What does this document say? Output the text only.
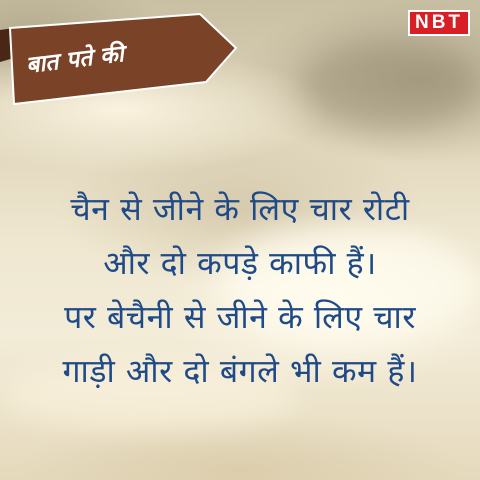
बात पते की
NBT
चैन से जीने के लिए चार रोटी
और दो कपड़े काफी हैं।
पर बेचैनी से जीने के लिए चार
गाड़ी और दो बंगले भी कम हैं।
